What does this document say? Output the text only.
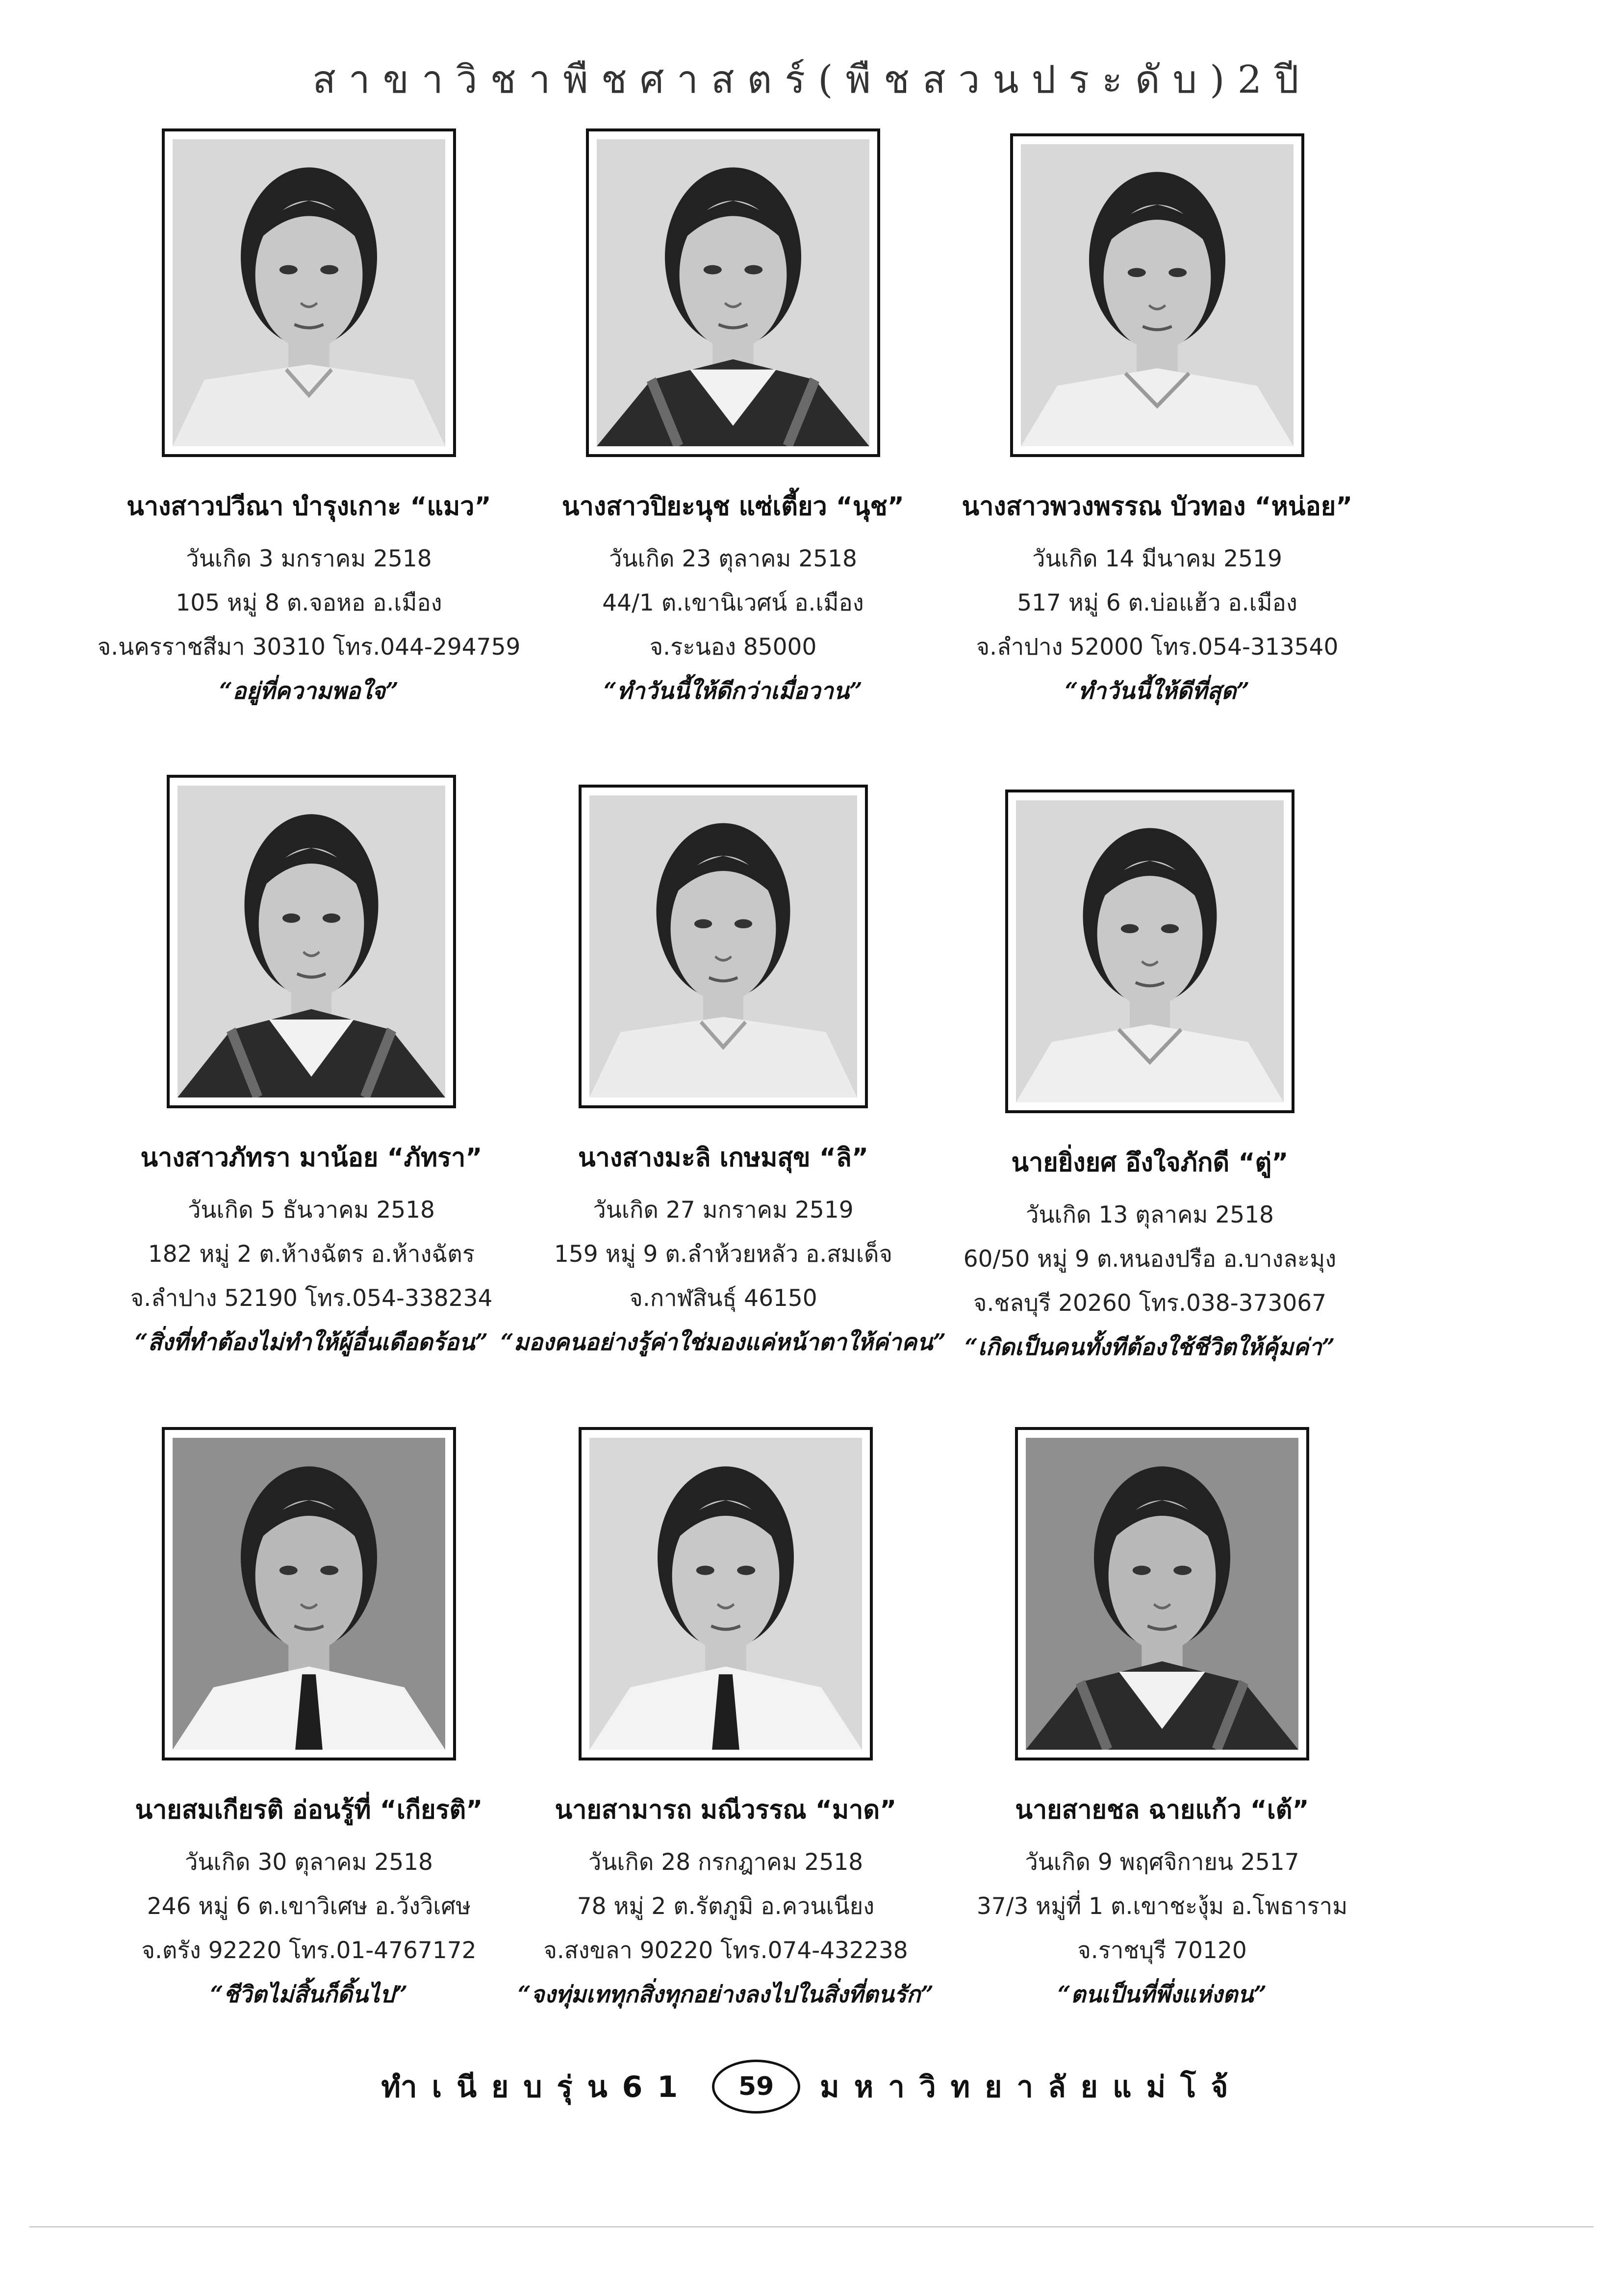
สาขาวิชาพืชศาสตร์(พืชสวนประดับ)2ปี
นางสาวปวีณา บำรุงเกาะ “แมว”
วันเกิด 3 มกราคม 2518
105 หมู่ 8 ต.จอหอ อ.เมือง
จ.นครราชสีมา 30310 โทร.044-294759
“อยู่ที่ความพอใจ”
นางสาวปิยะนุช แซ่เตี้ยว “นุช”
วันเกิด 23 ตุลาคม 2518
44/1 ต.เขานิเวศน์ อ.เมือง
จ.ระนอง 85000
“ทำวันนี้ให้ดีกว่าเมื่อวาน”
นางสาวพวงพรรณ บัวทอง “หน่อย”
วันเกิด 14 มีนาคม 2519
517 หมู่ 6 ต.บ่อแฮ้ว อ.เมือง
จ.ลำปาง 52000 โทร.054-313540
“ทำวันนี้ให้ดีที่สุด”
นางสาวภัทรา มาน้อย “ภัทรา”
วันเกิด 5 ธันวาคม 2518
182 หมู่ 2 ต.ห้างฉัตร อ.ห้างฉัตร
จ.ลำปาง 52190 โทร.054-338234
“สิ่งที่ทำต้องไม่ทำให้ผู้อื่นเดือดร้อน”
นางสางมะลิ เกษมสุข “ลิ”
วันเกิด 27 มกราคม 2519
159 หมู่ 9 ต.ลำห้วยหลัว อ.สมเด็จ
จ.กาฬสินธุ์ 46150
“มองคนอย่างรู้ค่าใช่มองแค่หน้าตาให้ค่าคน”
นายยิ่งยศ อึงใจภักดี “ตู่”
วันเกิด 13 ตุลาคม 2518
60/50 หมู่ 9 ต.หนองปรือ อ.บางละมุง
จ.ชลบุรี 20260 โทร.038-373067
“เกิดเป็นคนทั้งทีต้องใช้ชีวิตให้คุ้มค่า”
นายสมเกียรติ อ่อนรู้ที่ “เกียรติ”
วันเกิด 30 ตุลาคม 2518
246 หมู่ 6 ต.เขาวิเศษ อ.วังวิเศษ
จ.ตรัง 92220 โทร.01-4767172
“ชีวิตไม่สิ้นก็ดิ้นไป”
นายสามารถ มณีวรรณ “มาด”
วันเกิด 28 กรกฎาคม 2518
78 หมู่ 2 ต.รัตภูมิ อ.ควนเนียง
จ.สงขลา 90220 โทร.074-432238
“จงทุ่มเททุกสิ่งทุกอย่างลงไปในสิ่งที่ตนรัก”
นายสายชล ฉายแก้ว “เต้”
วันเกิด 9 พฤศจิกายน 2517
37/3 หมู่ที่ 1 ต.เขาชะงุ้ม อ.โพธาราม
จ.ราชบุรี 70120
“ตนเป็นที่พึ่งแห่งตน”
ทำเนียบรุ่น61	59	มหาวิทยาลัยแม่โจ้
